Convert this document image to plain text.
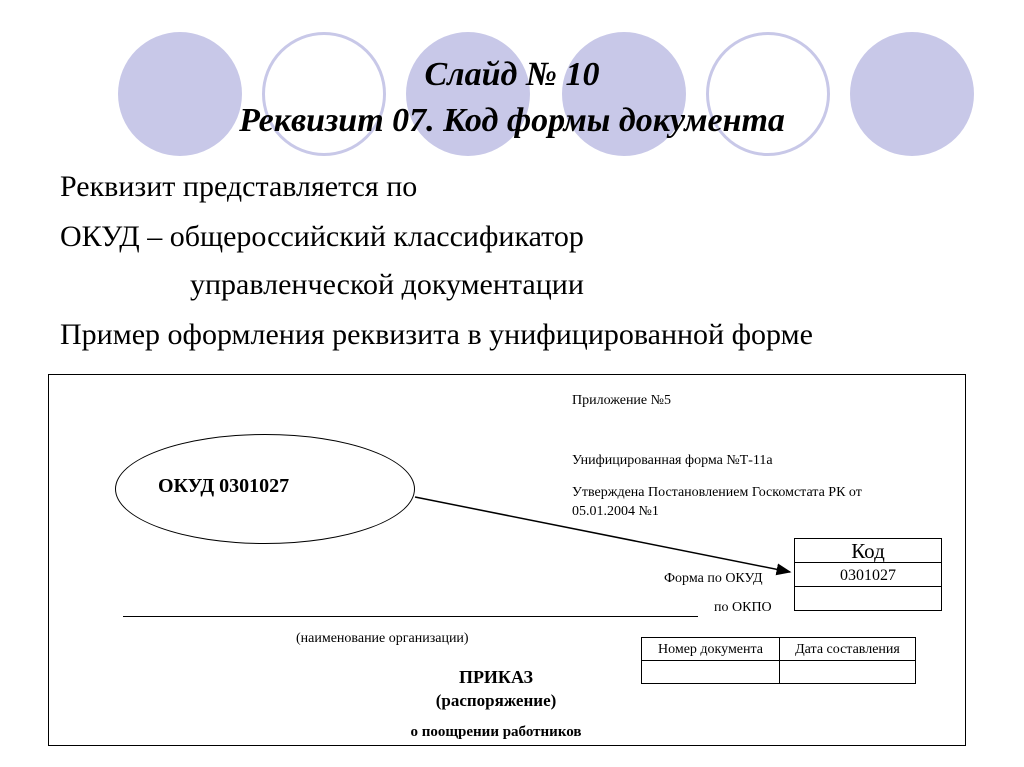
Слайд № 10
Реквизит 07. Код формы документа
Реквизит представляется по
ОКУД – общероссийский классификатор
управленческой документации
Пример оформления реквизита в унифицированной форме
ОКУД 0301027
Приложение №5
Унифицированная форма №Т-11а
Утверждена Постановлением Госкомстата РК от
05.01.2004 №1
Код
0301027
Форма по ОКУД
по ОКПО
(наименование организации)
Номер документа	Дата составления
ПРИКАЗ
(распоряжение)
о поощрении работников
